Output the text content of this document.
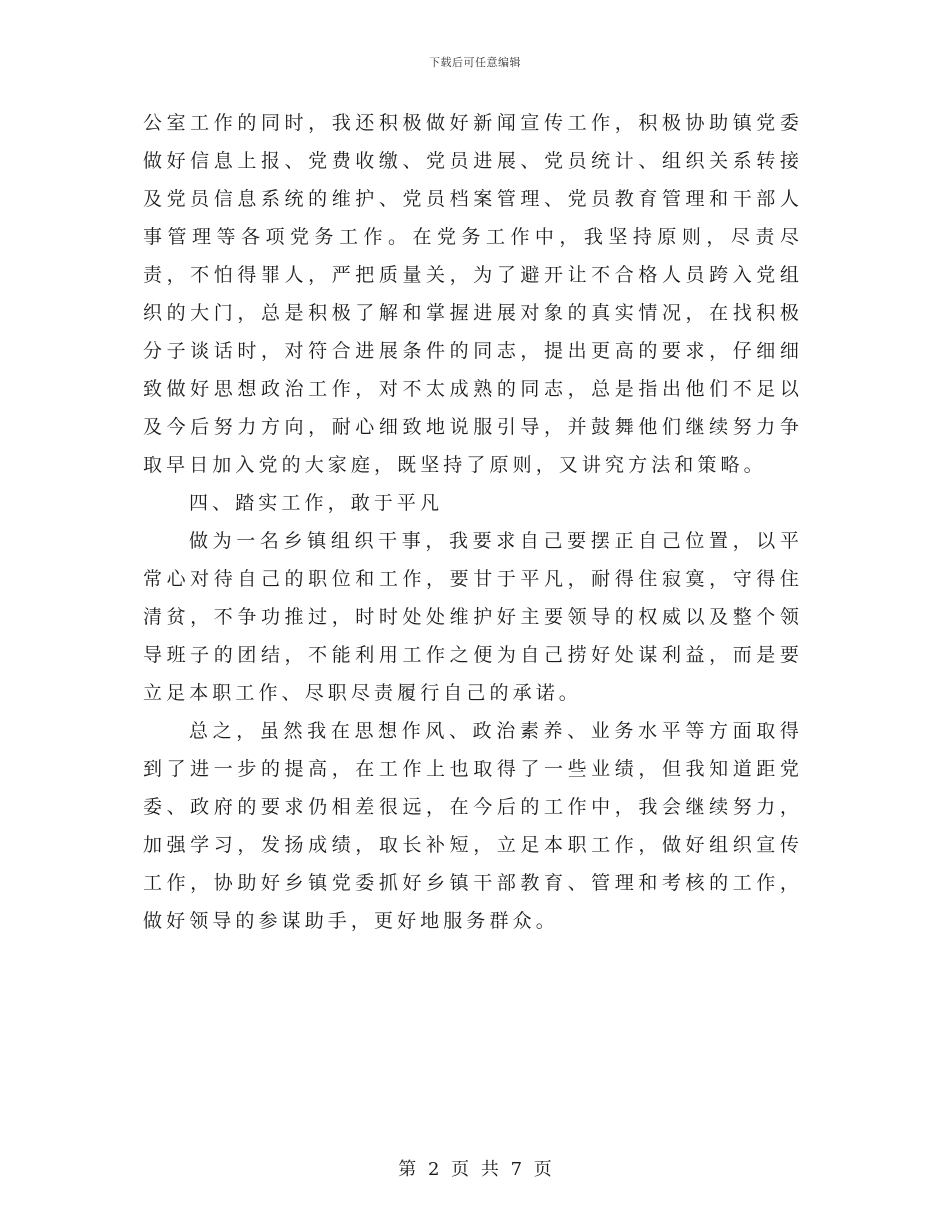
下载后可任意编辑

公室工作的同时，我还积极做好新闻宣传工作，积极协助镇党委做好信息上报、党费收缴、党员进展、党员统计、组织关系转接及党员信息系统的维护、党员档案管理、党员教育管理和干部人事管理等各项党务工作。在党务工作中，我坚持原则，尽责尽责，不怕得罪人，严把质量关，为了避开让不合格人员跨入党组织的大门，总是积极了解和掌握进展对象的真实情况，在找积极分子谈话时，对符合进展条件的同志，提出更高的要求，仔细细致做好思想政治工作，对不太成熟的同志，总是指出他们不足以及今后努力方向，耐心细致地说服引导，并鼓舞他们继续努力争取早日加入党的大家庭，既坚持了原则，又讲究方法和策略。

四、踏实工作，敢于平凡

做为一名乡镇组织干事，我要求自己要摆正自己位置，以平常心对待自己的职位和工作，要甘于平凡，耐得住寂寞，守得住清贫，不争功推过，时时处处维护好主要领导的权威以及整个领导班子的团结，不能利用工作之便为自己捞好处谋利益，而是要立足本职工作、尽职尽责履行自己的承诺。

总之，虽然我在思想作风、政治素养、业务水平等方面取得到了进一步的提高，在工作上也取得了一些业绩，但我知道距党委、政府的要求仍相差很远，在今后的工作中，我会继续努力，加强学习，发扬成绩，取长补短，立足本职工作，做好组织宣传工作，协助好乡镇党委抓好乡镇干部教育、管理和考核的工作，做好领导的参谋助手，更好地服务群众。

第 2 页 共 7 页
